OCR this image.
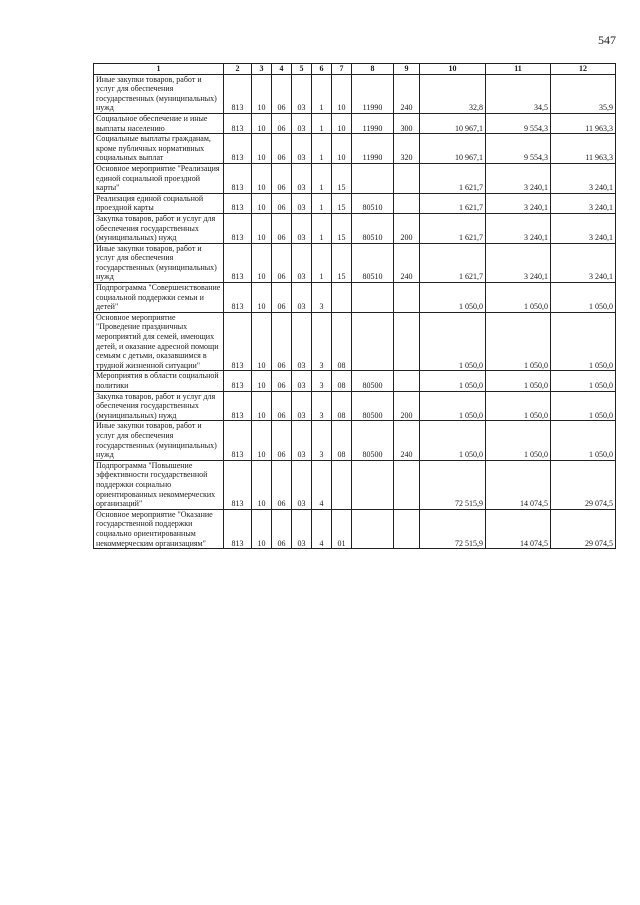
547
1	2	3	4	5	6	7	8	9	10	11	12
Иные закупки товаров, работ и услуг для обеспечения государственных (муниципальных) нужд	813	10	06	03	1	10	11990	240	32,8	34,5	35,9
Социальное обеспечение и иные выплаты населению	813	10	06	03	1	10	11990	300	10 967,1	9 554,3	11 963,3
Социальные выплаты гражданам, кроме публичных нормативных социальных выплат	813	10	06	03	1	10	11990	320	10 967,1	9 554,3	11 963,3
Основное мероприятие "Реализация единой социальной проездной карты"	813	10	06	03	1	15			1 621,7	3 240,1	3 240,1
Реализация единой социальной проездной карты	813	10	06	03	1	15	80510		1 621,7	3 240,1	3 240,1
Закупка товаров, работ и услуг для обеспечения государственных (муниципальных) нужд	813	10	06	03	1	15	80510	200	1 621,7	3 240,1	3 240,1
Иные закупки товаров, работ и услуг для обеспечения государственных (муниципальных) нужд	813	10	06	03	1	15	80510	240	1 621,7	3 240,1	3 240,1
Подпрограмма "Совершенствование социальной поддержки семьи и детей"	813	10	06	03	3				1 050,0	1 050,0	1 050,0
Основное мероприятие "Проведение праздничных мероприятий для семей, имеющих детей, и оказание адресной помощи семьям с детьми, оказавшимся в трудной жизненной ситуации"	813	10	06	03	3	08			1 050,0	1 050,0	1 050,0
Мероприятия в области социальной политики	813	10	06	03	3	08	80500		1 050,0	1 050,0	1 050,0
Закупка товаров, работ и услуг для обеспечения государственных (муниципальных) нужд	813	10	06	03	3	08	80500	200	1 050,0	1 050,0	1 050,0
Иные закупки товаров, работ и услуг для обеспечения государственных (муниципальных) нужд	813	10	06	03	3	08	80500	240	1 050,0	1 050,0	1 050,0
Подпрограмма "Повышение эффективности государственной поддержки социально ориентированных некоммерческих организаций"	813	10	06	03	4				72 515,9	14 074,5	29 074,5
Основное мероприятие "Оказание государственной поддержки социально ориентированным некоммерческим организациям"	813	10	06	03	4	01			72 515,9	14 074,5	29 074,5
